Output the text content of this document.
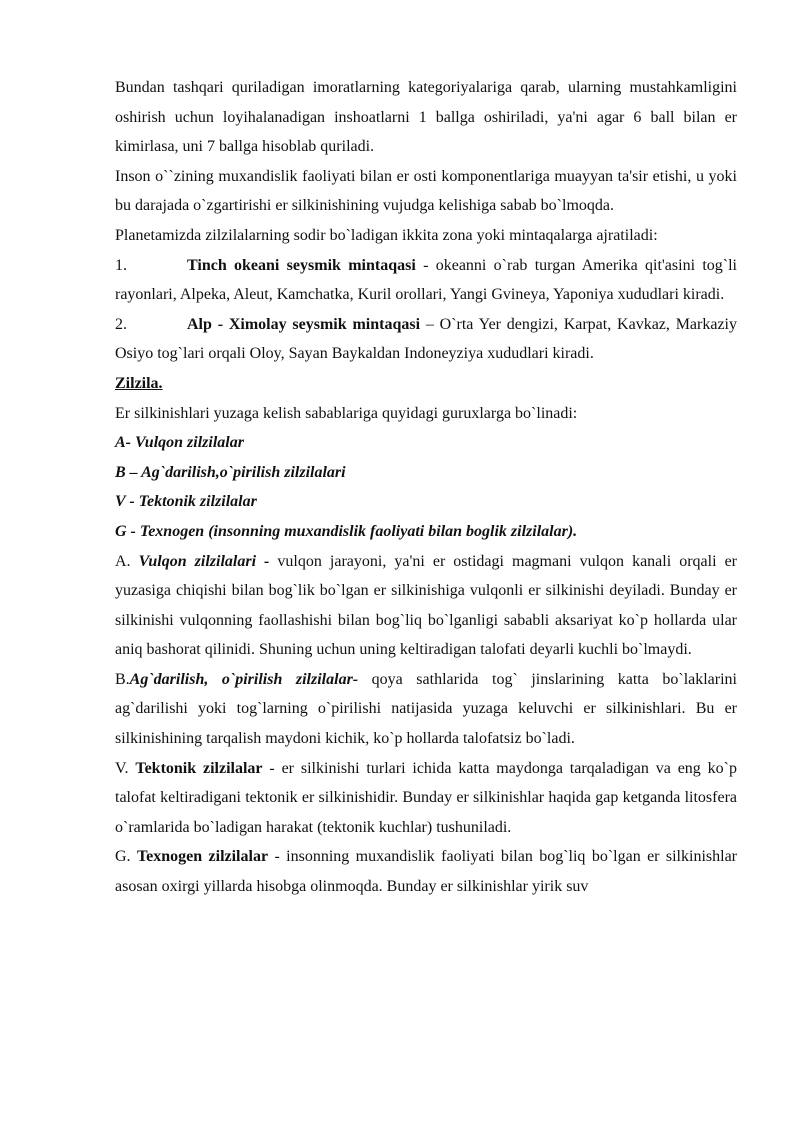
Bundan tashqari quriladigan imoratlarning kategoriyalariga qarab, ularning mustahkamligini oshirish uchun loyihalanadigan inshoatlarni 1 ballga oshiriladi, ya'ni agar 6 ball bilan er kimirlasa, uni 7 ballga hisoblab quriladi.

Inson o``zining muxandislik faoliyati bilan er osti komponentlariga muayyan ta'sir etishi, u yoki bu darajada o`zgartirishi er silkinishining vujudga kelishiga sabab bo`lmoqda.

Planetamizda zilzilalarning sodir bo`ladigan ikkita zona yoki mintaqalarga ajratiladi:

1.	Tinch okeani seysmik mintaqasi - okeanni o`rab turgan Amerika qit'asini tog`li rayonlari, Alpeka, Aleut, Kamchatka, Kuril orollari, Yangi Gvineya, Yaponiya xududlari kiradi.

2.	Alp - Ximolay seysmik mintaqasi – O`rta Yer dengizi, Karpat, Kavkaz, Markaziy Osiyo tog`lari orqali Oloy, Sayan Baykaldan Indoneyziya xududlari kiradi.

Zilzila.

Er silkinishlari yuzaga kelish sabablariga quyidagi guruxlarga bo`linadi:

A- Vulqon zilzilalar

B – Ag`darilish,o`pirilish zilzilalari

V - Tektonik zilzilalar

G - Texnogen (insonning muxandislik faoliyati bilan boglik zilzilalar).

A. Vulqon zilzilalari - vulqon jarayoni, ya'ni er ostidagi magmani vulqon kanali orqali er yuzasiga chiqishi bilan bog`lik bo`lgan er silkinishiga vulqonli er silkinishi deyiladi. Bunday er silkinishi vulqonning faollashishi bilan bog`liq bo`lganligi sababli aksariyat ko`p hollarda ular aniq bashorat qilinidi. Shuning uchun uning keltiradigan talofati deyarli kuchli bo`lmaydi.

B.Ag`darilish, o`pirilish zilzilalar- qoya sathlarida tog` jinslarining katta bo`laklarini ag`darilishi yoki tog`larning o`pirilishi natijasida yuzaga keluvchi er silkinishlari. Bu er silkinishining tarqalish maydoni kichik, ko`p hollarda talofatsiz bo`ladi.

V. Tektonik zilzilalar - er silkinishi turlari ichida katta maydonga tarqaladigan va eng ko`p talofat keltiradigani tektonik er silkinishidir. Bunday er silkinishlar haqida gap ketganda litosfera o`ramlarida bo`ladigan harakat (tektonik kuchlar) tushuniladi.

G. Texnogen zilzilalar - insonning muxandislik faoliyati bilan bog`liq bo`lgan er silkinishlar asosan oxirgi yillarda hisobga olinmoqda. Bunday er silkinishlar yirik suv
